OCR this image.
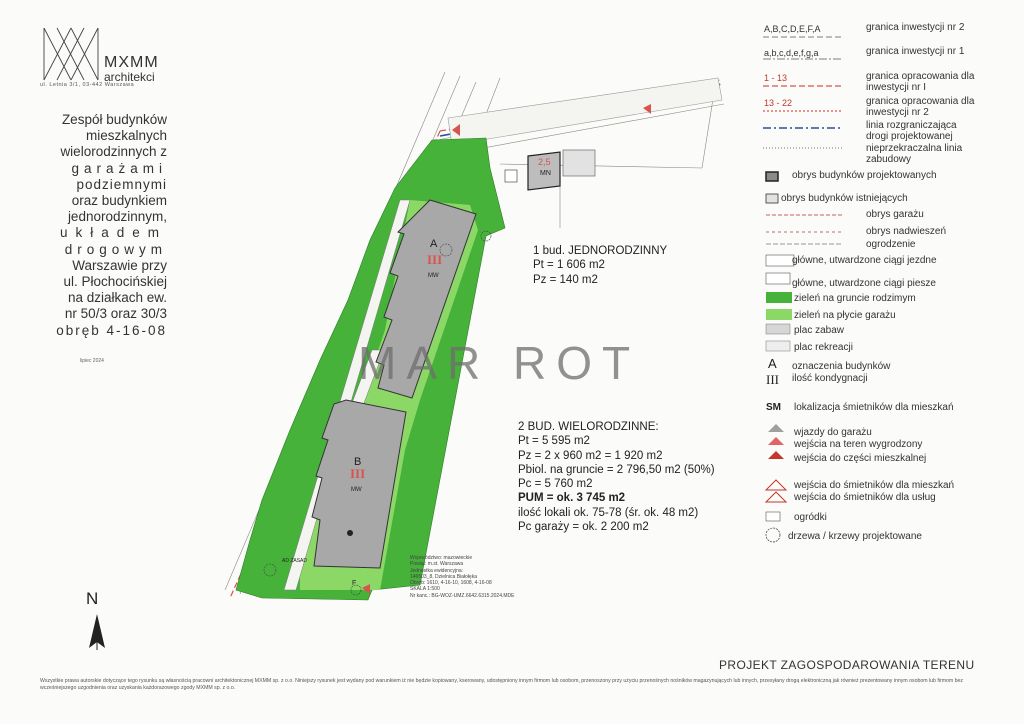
MXMM
architekci
ul. Letnia 3/1, 03-442 Warszawa
Zespół budynków
mieszkalnych
wielorodzinnych z
garażami
podziemnymi
oraz budynkiem
jednorodzinnym,
układem
drogowym
Warszawie przy
ul. Płochocińskiej
na działkach ew.
nr 50/3 oraz 30/3
obręb 4-16-08
lipiec 2024
A
III
MW
B
III
MW
2,5
MN
F
AD ZASAD
1 bud. JEDNORODZINNY
Pt = 1 606 m2
Pz = 140 m2
2 BUD. WIELORODZINNE:
Pt = 5 595 m2
Pz = 2 x 960 m2 = 1 920 m2
Pbiol. na gruncie = 2 796,50 m2 (50%)
Pc = 5 760 m2
PUM = ok. 3 745 m2
ilość lokali ok. 75-78 (śr. ok. 48 m2)
Pc garaży = ok. 2 200 m2
MAR ROT
Województwo: mazowieckie
Powiat: m.st. Warszawa
Jednostka ewidencyjna:
146503_8, Dzielnica Białołęka
Obręb: 1610, 4-16-10, 1608, 4-16-08
SKALA 1:500
Nr kanc.: BG-WOZ-UMZ.6642.6315.2024.MDE
N
A,B,C,D,E,F,A
a,b,c,d,e,f,g,a
1 - 13
13 - 22
granica inwestycji nr 2
granica inwestycji nr 1
granica opracowania dla inwestycji nr I
granica opracowania dla inwestycji nr 2
linia rozgraniczająca drogi projektowanej
nieprzekraczalna linia zabudowy
obrys budynków projektowanych
obrys budynków istniejących
obrys garażu
obrys nadwieszeń
ogrodzenie
główne, utwardzone ciągi jezdne
główne, utwardzone ciągi piesze
zieleń na gruncie rodzimym
zieleń na płycie garażu
plac zabaw
plac rekreacji
A
III
oznaczenia budynków
ilość kondygnacji
SM lokalizacja śmietników dla mieszkań
wjazdy do garażu
wejścia na teren wygrodzony
wejścia do części mieszkalnej
wejścia do śmietników dla mieszkań
wejścia do śmietników dla usług
ogródki
drzewa / krzewy projektowane
PROJEKT ZAGOSPODAROWANIA TERENU
Wszystkie prawa autorskie dotyczące tego rysunku są własnością pracowni architektonicznej MXMM sp. z o.o. Niniejszy rysunek jest wydany pod warunkiem iż nie będzie kopiowany, kserowany, udostępniony innym firmom lub osobom, przenoszony przy użyciu przenośnych nośników magazynujących lub innych, przesyłany drogą elektroniczną jak również prezentowany innym osobom lub firmom bez wcześniejszego uzgodnienia oraz uzyskania każdorazowego zgody MXMM sp. z o.o.
